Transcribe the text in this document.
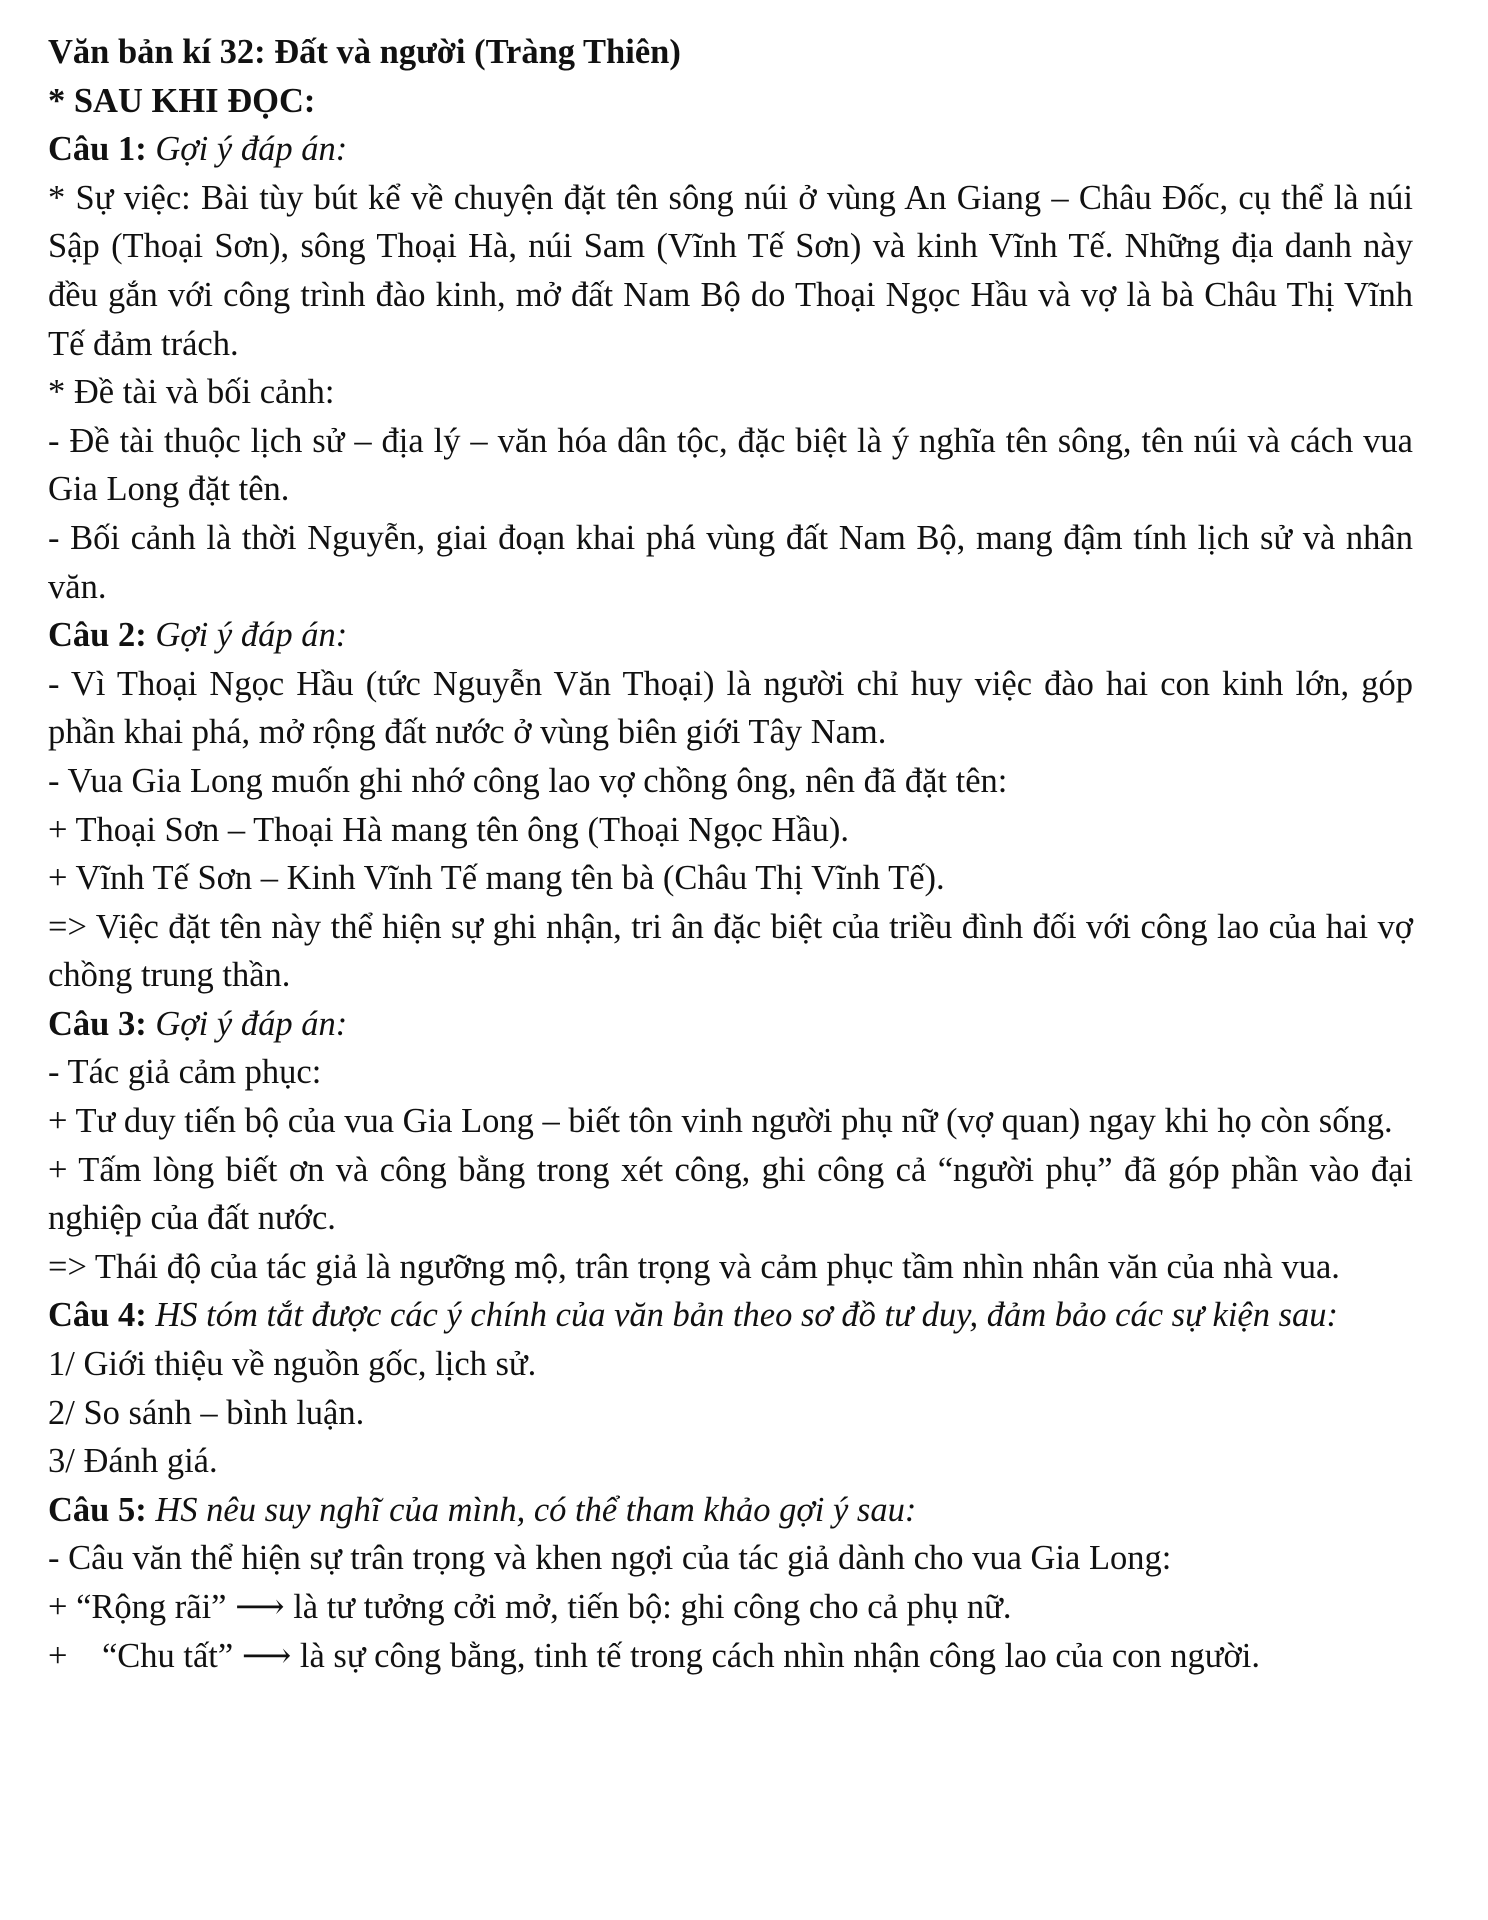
Văn bản kí 32: Đất và người (Tràng Thiên)

* SAU KHI ĐỌC:

Câu 1: Gợi ý đáp án:

* Sự việc: Bài tùy bút kể về chuyện đặt tên sông núi ở vùng An Giang – Châu Đốc, cụ thể là núi Sập (Thoại Sơn), sông Thoại Hà, núi Sam (Vĩnh Tế Sơn) và kinh Vĩnh Tế. Những địa danh này đều gắn với công trình đào kinh, mở đất Nam Bộ do Thoại Ngọc Hầu và vợ là bà Châu Thị Vĩnh Tế đảm trách.

* Đề tài và bối cảnh:

- Đề tài thuộc lịch sử – địa lý – văn hóa dân tộc, đặc biệt là ý nghĩa tên sông, tên núi và cách vua Gia Long đặt tên.

- Bối cảnh là thời Nguyễn, giai đoạn khai phá vùng đất Nam Bộ, mang đậm tính lịch sử và nhân văn.

Câu 2: Gợi ý đáp án:

- Vì Thoại Ngọc Hầu (tức Nguyễn Văn Thoại) là người chỉ huy việc đào hai con kinh lớn, góp phần khai phá, mở rộng đất nước ở vùng biên giới Tây Nam.

- Vua Gia Long muốn ghi nhớ công lao vợ chồng ông, nên đã đặt tên:

+ Thoại Sơn – Thoại Hà mang tên ông (Thoại Ngọc Hầu).

+ Vĩnh Tế Sơn – Kinh Vĩnh Tế mang tên bà (Châu Thị Vĩnh Tế).

=> Việc đặt tên này thể hiện sự ghi nhận, tri ân đặc biệt của triều đình đối với công lao của hai vợ chồng trung thần.

Câu 3: Gợi ý đáp án:

- Tác giả cảm phục:

+ Tư duy tiến bộ của vua Gia Long – biết tôn vinh người phụ nữ (vợ quan) ngay khi họ còn sống.

+ Tấm lòng biết ơn và công bằng trong xét công, ghi công cả “người phụ” đã góp phần vào đại nghiệp của đất nước.

=> Thái độ của tác giả là ngưỡng mộ, trân trọng và cảm phục tầm nhìn nhân văn của nhà vua.

Câu 4: HS tóm tắt được các ý chính của văn bản theo sơ đồ tư duy, đảm bảo các sự kiện sau:

1/ Giới thiệu về nguồn gốc, lịch sử.

2/ So sánh – bình luận.

3/ Đánh giá.

Câu 5: HS nêu suy nghĩ của mình, có thể tham khảo gợi ý sau:

- Câu văn thể hiện sự trân trọng và khen ngợi của tác giả dành cho vua Gia Long:

+ “Rộng rãi” ⟶ là tư tưởng cởi mở, tiến bộ: ghi công cho cả phụ nữ.

+    “Chu tất” ⟶ là sự công bằng, tinh tế trong cách nhìn nhận công lao của con người.
